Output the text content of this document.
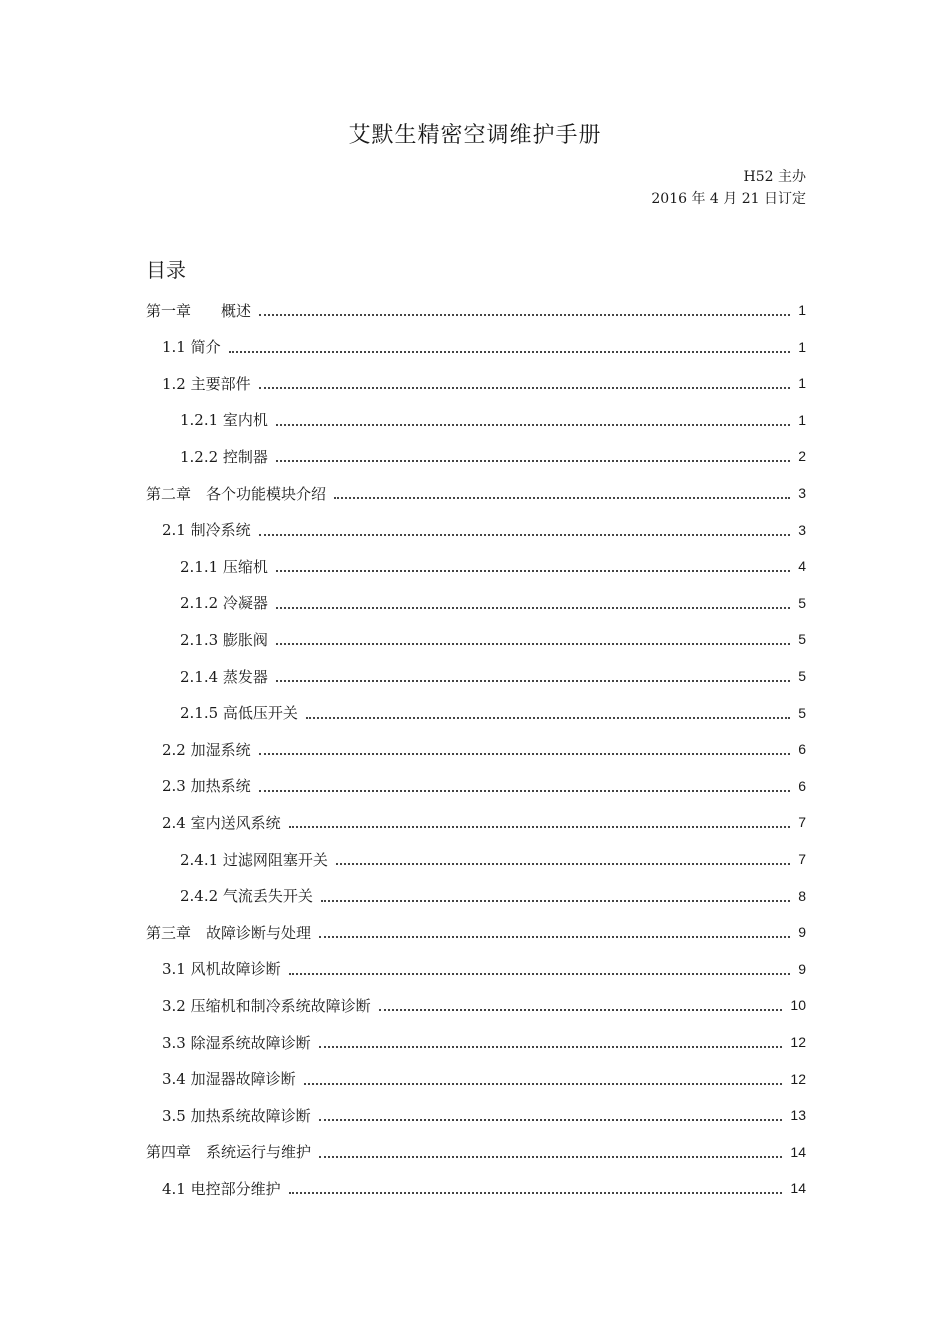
艾默生精密空调维护手册
H52 主办
2016 年 4 月 21 日订定
目录
第一章　　概述	1
1.1 简介	1
1.2 主要部件	1
1.2.1 室内机	1
1.2.2 控制器	2
第二章　各个功能模块介绍	3
2.1 制冷系统	3
2.1.1 压缩机	4
2.1.2 冷凝器	5
2.1.3 膨胀阀	5
2.1.4 蒸发器	5
2.1.5 高低压开关	5
2.2 加湿系统	6
2.3 加热系统	6
2.4 室内送风系统	7
2.4.1 过滤网阻塞开关	7
2.4.2 气流丢失开关	8
第三章　故障诊断与处理	9
3.1 风机故障诊断	9
3.2 压缩机和制冷系统故障诊断	10
3.3 除湿系统故障诊断	12
3.4 加湿器故障诊断	12
3.5 加热系统故障诊断	13
第四章　系统运行与维护	14
4.1 电控部分维护	14
